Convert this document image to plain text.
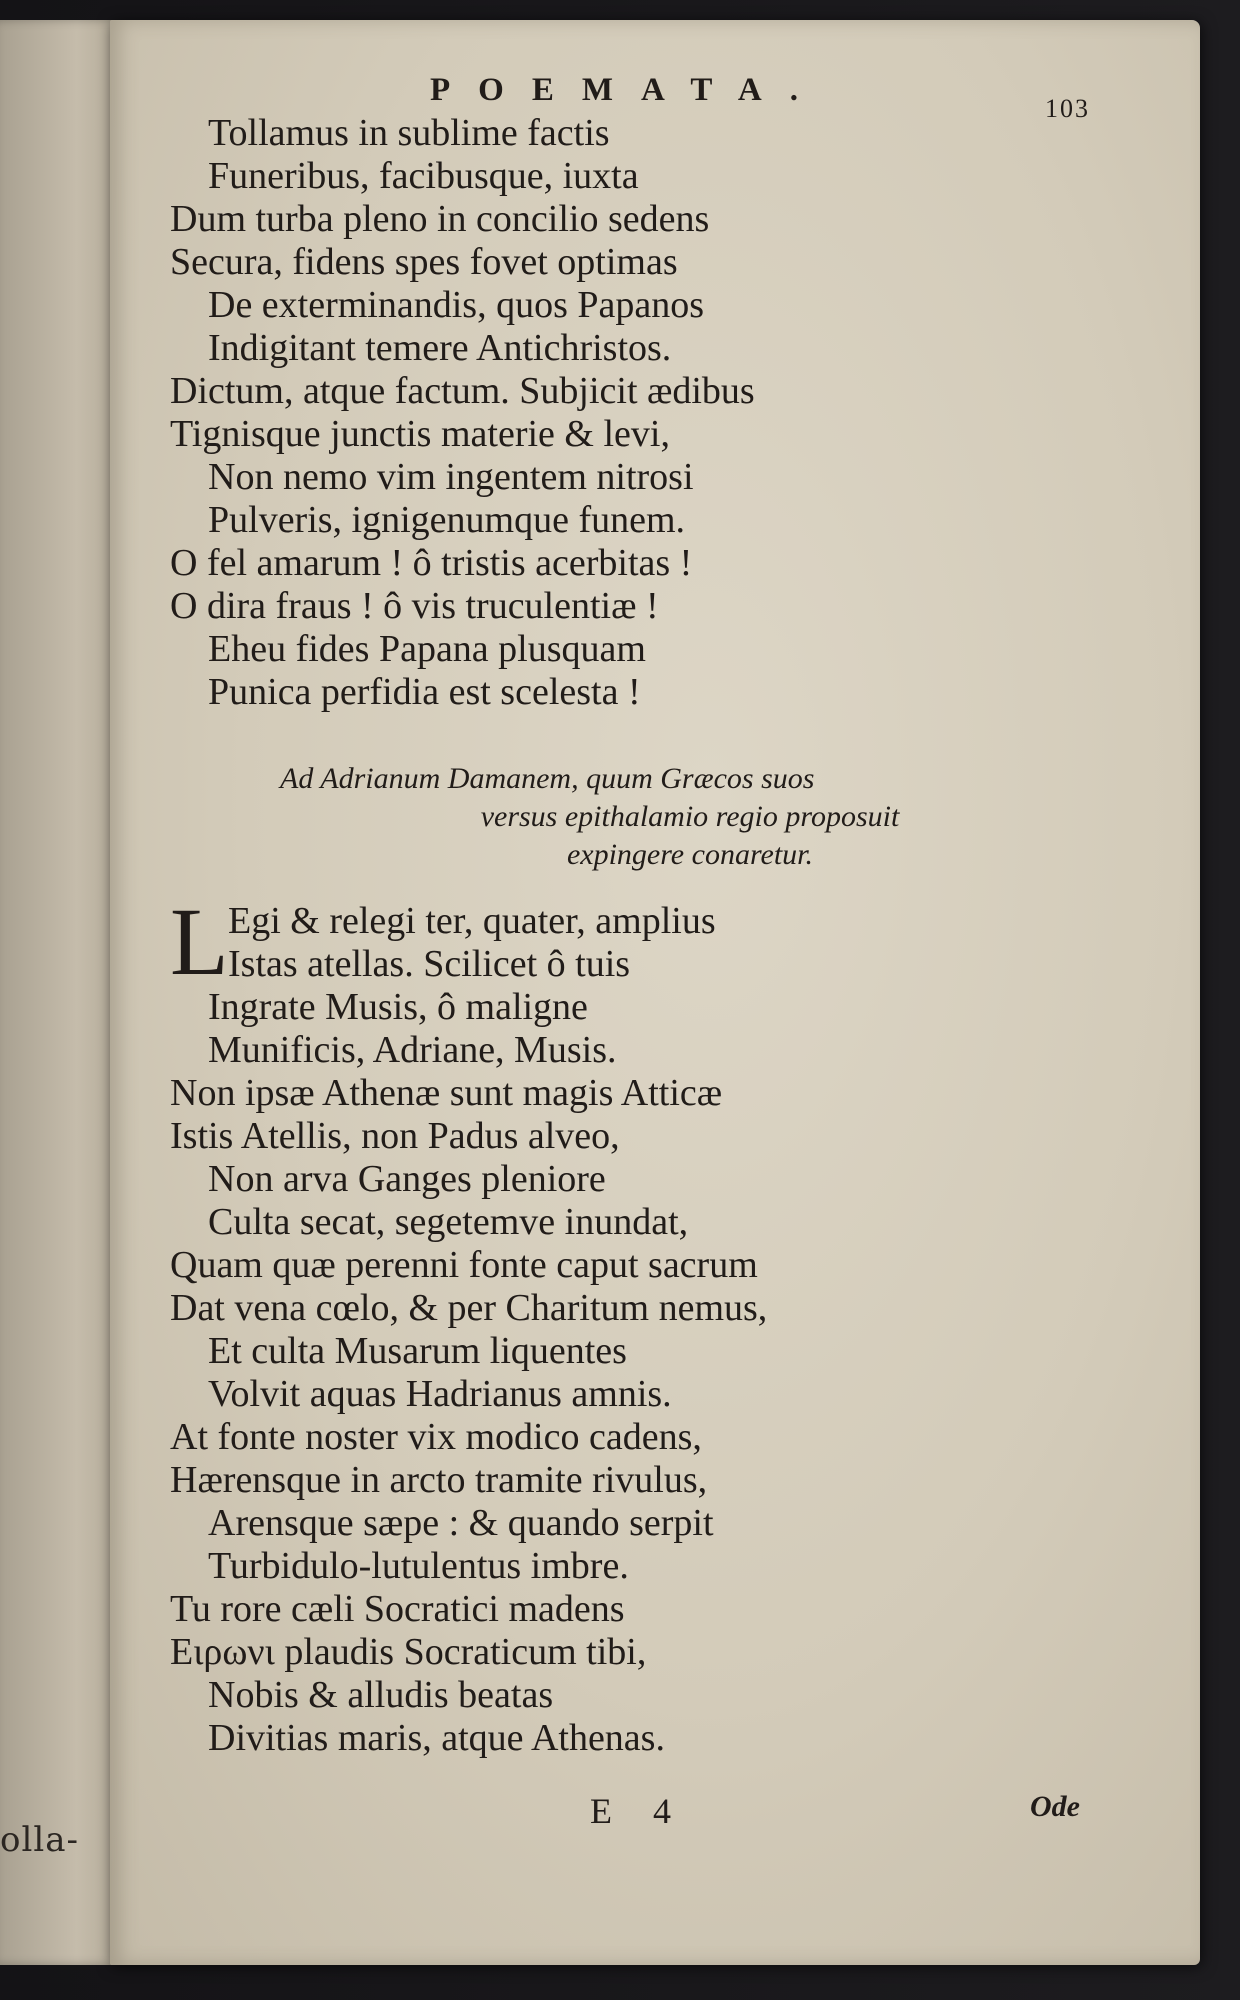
olla-
POEMATA.
103
Tollamus in sublime factis
Funeribus, facibusque, iuxta
Dum turba pleno in concilio sedens
Secura, fidens spes fovet optimas
De exterminandis, quos Papanos
Indigitant temere Antichristos.
Dictum, atque factum. Subjicit ædibus
Tignisque junctis materie & levi,
Non nemo vim ingentem nitrosi
Pulveris, ignigenumque funem.
O fel amarum ! ô tristis acerbitas !
O dira fraus ! ô vis truculentiæ !
Eheu fides Papana plusquam
Punica perfidia est scelesta !
Ad Adrianum Damanem, quum Græcos suos
versus epithalamio regio proposuit
expingere conaretur.
L Egi & relegi ter, quater, amplius
Istas atellas. Scilicet ô tuis
Ingrate Musis, ô maligne
Munificis, Adriane, Musis.
Non ipsæ Athenæ sunt magis Atticæ
Istis Atellis, non Padus alveo,
Non arva Ganges pleniore
Culta secat, segetemve inundat,
Quam quæ perenni fonte caput sacrum
Dat vena cœlo, & per Charitum nemus,
Et culta Musarum liquentes
Volvit aquas Hadrianus amnis.
At fonte noster vix modico cadens,
Hærensque in arcto tramite rivulus,
Arensque sæpe : & quando serpit
Turbidulo-lutulentus imbre.
Tu rore cæli Socratici madens
Ειρωνι plaudis Socraticum tibi,
Nobis & alludis beatas
Divitias maris, atque Athenas.
E 4	Ode
